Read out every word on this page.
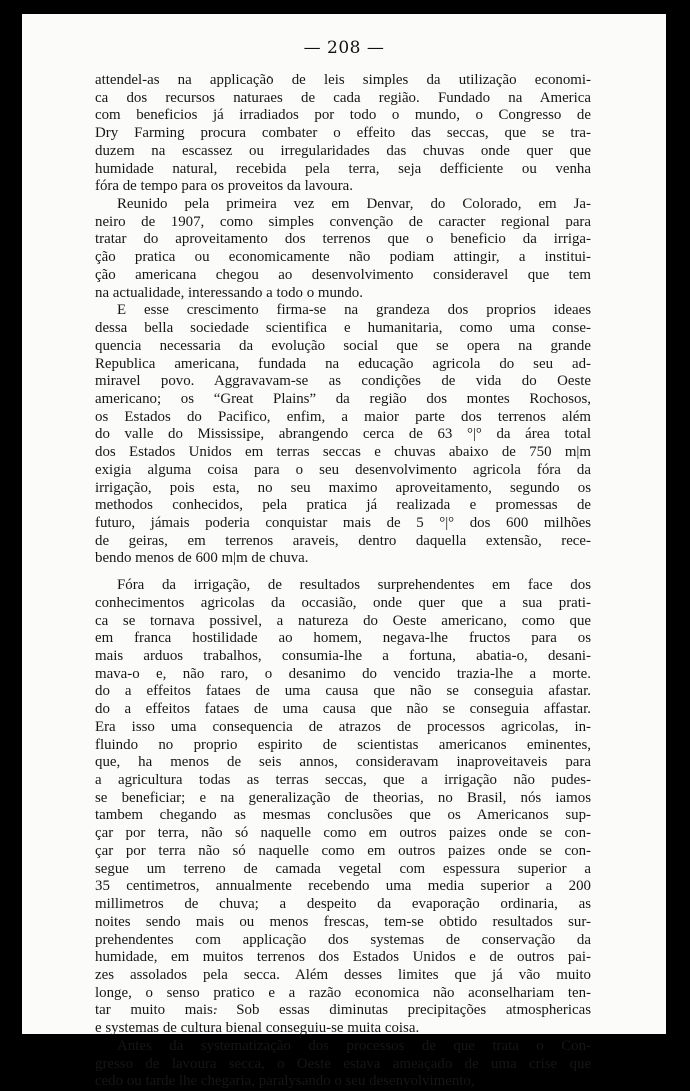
— 208 —

attendel-as na applicação de leis simples da utilização economi-
ca dos recursos naturaes de cada região. Fundado na America
com beneficios já irradiados por todo o mundo, o Congresso de
Dry Farming procura combater o effeito das seccas, que se tra-
duzem na escassez ou irregularidades das chuvas onde quer que
humidade natural, recebida pela terra, seja defficiente ou venha
fóra de tempo para os proveitos da lavoura.

Reunido pela primeira vez em Denvar, do Colorado, em Ja-
neiro de 1907, como simples convenção de caracter regional para
tratar do aproveitamento dos terrenos que o beneficio da irriga-
ção pratica ou economicamente não podiam attingir, a institui-
ção americana chegou ao desenvolvimento consideravel que tem
na actualidade, interessando a todo o mundo.

E esse crescimento firma-se na grandeza dos proprios ideaes
dessa bella sociedade scientifica e humanitaria, como uma conse-
quencia necessaria da evolução social que se opera na grande
Republica americana, fundada na educação agricola do seu ad-
miravel povo. Aggravavam-se as condições de vida do Oeste
americano; os “Great Plains” da região dos montes Rochosos,
os Estados do Pacifico, enfim, a maior parte dos terrenos além
do valle do Mississipe, abrangendo cerca de 63 °|° da área total
dos Estados Unidos em terras seccas e chuvas abaixo de 750 m|m
exigia alguma coisa para o seu desenvolvimento agricola fóra da
irrigação, pois esta, no seu maximo aproveitamento, segundo os
methodos conhecidos, pela pratica já realizada e promessas de
futuro, jámais poderia conquistar mais de 5 °|° dos 600 milhões
de geiras, em terrenos araveis, dentro daquella extensão, rece-
bendo menos de 600 m|m de chuva.

Fóra da irrigação, de resultados surprehendentes em face dos
conhecimentos agricolas da occasião, onde quer que a sua prati-
ca se tornava possivel, a natureza do Oeste americano, como que
em franca hostilidade ao homem, negava-lhe fructos para os
mais arduos trabalhos, consumia-lhe a fortuna, abatia-o, desani-
mava-o e, não raro, o desanimo do vencido trazia-lhe a morte.
do a effeitos fataes de uma causa que não se conseguia afastar.
do a effeitos fataes de uma causa que não se conseguia affastar.
Era isso uma consequencia de atrazos de processos agricolas, in-
fluindo no proprio espirito de scientistas americanos eminentes,
que, ha menos de seis annos, consideravam inaproveitaveis para
a agricultura todas as terras seccas, que a irrigação não pudes-
se beneficiar; e na generalização de theorias, no Brasil, nós iamos
tambem chegando as mesmas conclusões que os Americanos sup-
çar por terra, não só naquelle como em outros paizes onde se con-
çar por terra não só naquelle como em outros paizes onde se con-
segue um terreno de camada vegetal com espessura superior a
35 centimetros, annualmente recebendo uma media superior a 200
millimetros de chuva; a despeito da evaporação ordinaria, as
noites sendo mais ou menos frescas, tem-se obtido resultados sur-
prehendentes com applicação dos systemas de conservação da
humidade, em muitos terrenos dos Estados Unidos e de outros pai-
zes assolados pela secca. Além desses limites que já vão muito
longe, o senso pratico e a razão economica não aconselhariam ten-
tar muito mais. Sob essas diminutas precipitações atmosphericas
e systemas de cultura bienal conseguiu-se muita coisa.

Antes da systematização dos processos de que trata o Con-
gresso de lavoura secca, o Oeste estava ameaçado de uma crise que
cedo ou tarde lhe chegaria, paralysando o seu desenvolvimento,
